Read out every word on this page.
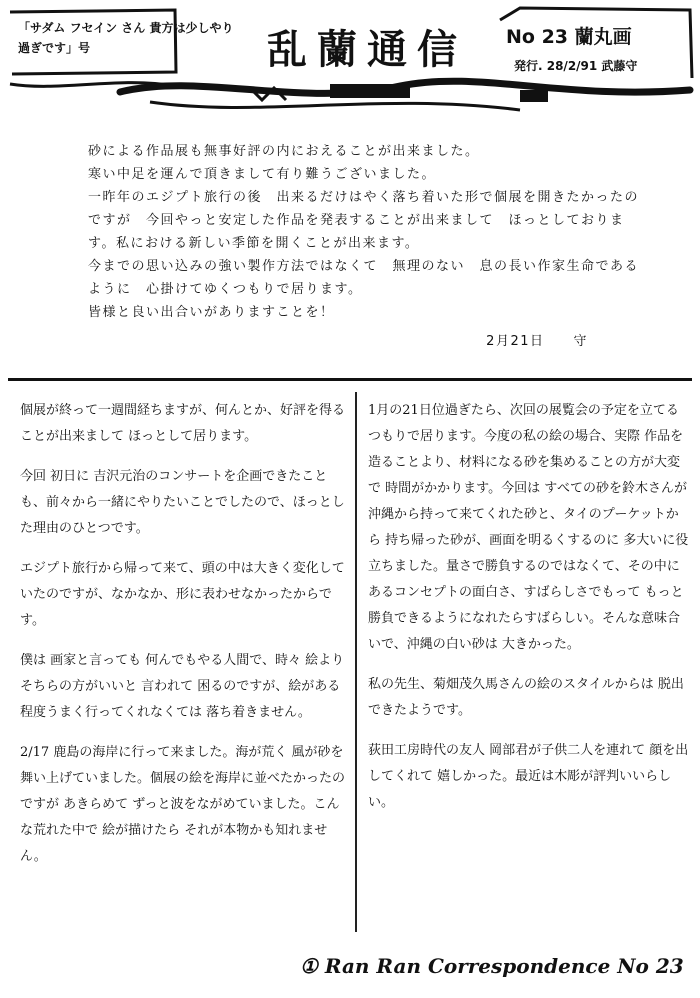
「サダム フセイン さん 貴方は少しやり
過ぎです」号	乱蘭通信	No 23 蘭丸画
発行. 28/2/91 武藤守

砂による作品展も無事好評の内におえることが出来ました。

寒い中足を運んで頂きまして有り難うございました。

一昨年のエジプト旅行の後　出来るだけはやく落ち着いた形で個展を開きたかったのですが　今回やっと安定した作品を発表することが出来まして　ほっとしております。私における新しい季節を開くことが出来ます。

今までの思い込みの強い製作方法ではなくて　無理のない　息の長い作家生命であるように　心掛けてゆくつもりで居ります。

皆様と良い出合いがありますことを！

2月21日　　守

個展が終って一週間経ちますが、何んとか、好評を得ることが出来まして ほっとして居ります。

今回 初日に 吉沢元治のコンサートを企画できたことも、前々から一緒にやりたいことでしたので、ほっとした理由のひとつです。

エジプト旅行から帰って来て、頭の中は大きく変化していたのですが、なかなか、形に表わせなかったからです。

僕は 画家と言っても 何んでもやる人間で、時々 絵より そちらの方がいいと 言われて 困るのですが、絵がある程度うまく行ってくれなくては 落ち着きません。

2/17 鹿島の海岸に行って来ました。海が荒く 風が砂を舞い上げていました。個展の絵を海岸に並べたかったのですが あきらめて ずっと波をながめていました。こんな荒れた中で 絵が描けたら それが本物かも知れません。

1月の21日位過ぎたら、次回の展覧会の予定を立てるつもりで居ります。今度の私の絵の場合、実際 作品を造ることより、材料になる砂を集めることの方が大変で 時間がかかります。今回は すべての砂を鈴木さんが 沖縄から持って来てくれた砂と、タイのプーケットから 持ち帰った砂が、画面を明るくするのに 多大いに役立ちました。量さで勝負するのではなくて、その中にあるコンセプトの面白さ、すばらしさでもって もっと勝負できるようになれたらすばらしい。そんな意味合いで、沖縄の白い砂は 大きかった。

私の先生、菊畑茂久馬さんの絵のスタイルからは 脱出できたようです。

荻田工房時代の友人 岡部君が子供二人を連れて 顔を出してくれて 嬉しかった。最近は木彫が評判いいらしい。

① Ran Ran Correspondence No 23
